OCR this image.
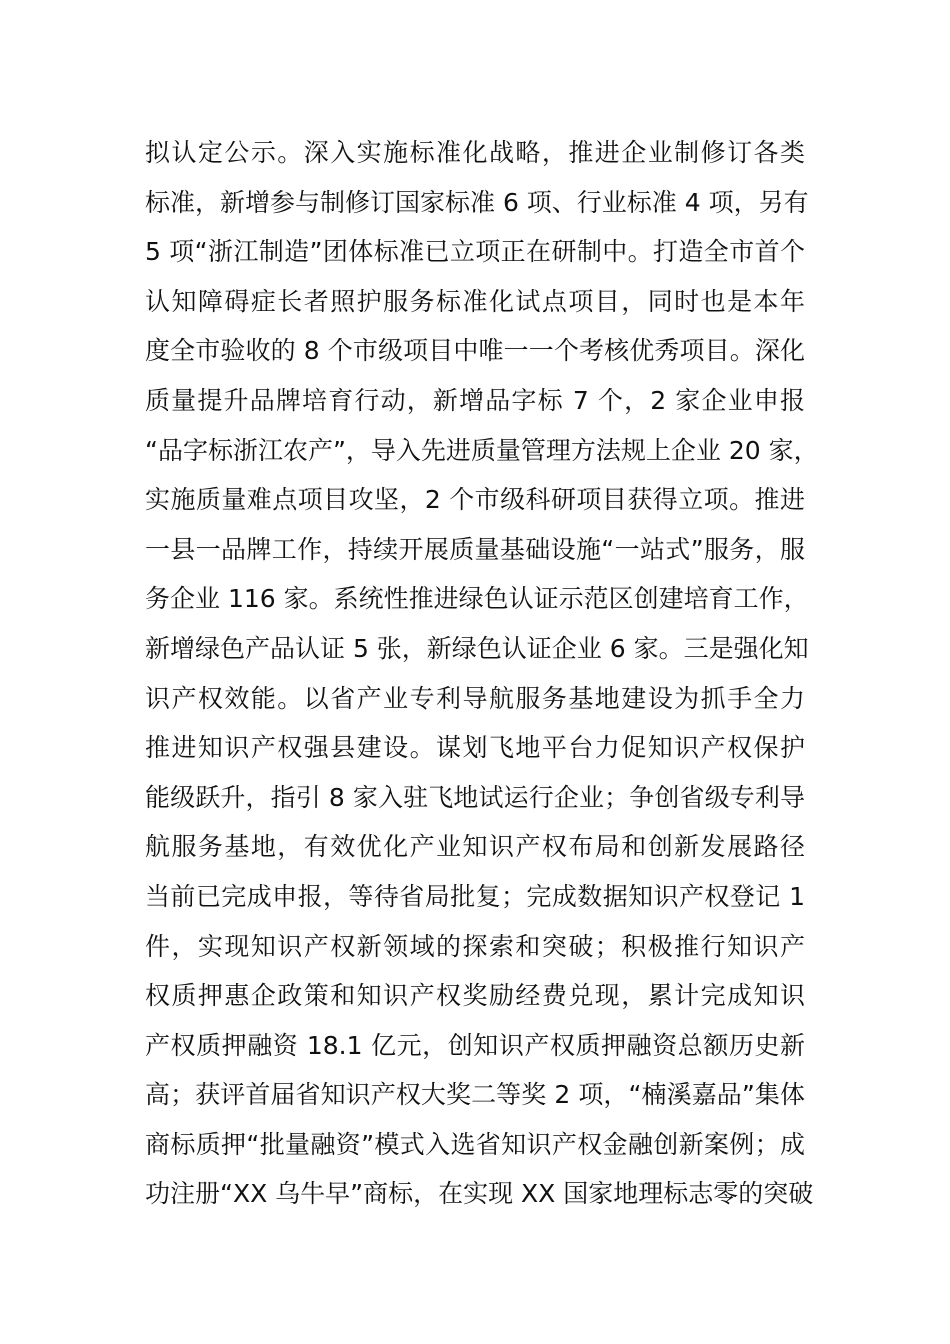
拟认定公示。深入实施标准化战略，推进企业制修订各类
标准，新增参与制修订国家标准 6 项、行业标准 4 项，另有
5 项“浙江制造”团体标准已立项正在研制中。打造全市首个
认知障碍症长者照护服务标准化试点项目，同时也是本年
度全市验收的 8 个市级项目中唯一一个考核优秀项目。深化
质量提升品牌培育行动，新增品字标 7 个，2 家企业申报
“品字标浙江农产”，导入先进质量管理方法规上企业 20 家，
实施质量难点项目攻坚，2 个市级科研项目获得立项。推进
一县一品牌工作，持续开展质量基础设施“一站式”服务，服
务企业 116 家。系统性推进绿色认证示范区创建培育工作，
新增绿色产品认证 5 张，新绿色认证企业 6 家。三是强化知
识产权效能。以省产业专利导航服务基地建设为抓手全力
推进知识产权强县建设。谋划飞地平台力促知识产权保护
能级跃升，指引 8 家入驻飞地试运行企业；争创省级专利导
航服务基地，有效优化产业知识产权布局和创新发展路径
当前已完成申报，等待省局批复；完成数据知识产权登记 1
件，实现知识产权新领域的探索和突破；积极推行知识产
权质押惠企政策和知识产权奖励经费兑现，累计完成知识
产权质押融资 18.1 亿元，创知识产权质押融资总额历史新
高；获评首届省知识产权大奖二等奖 2 项，“楠溪嘉品”集体
商标质押“批量融资”模式入选省知识产权金融创新案例；成
功注册“XX 乌牛早”商标，在实现 XX 国家地理标志零的突破
